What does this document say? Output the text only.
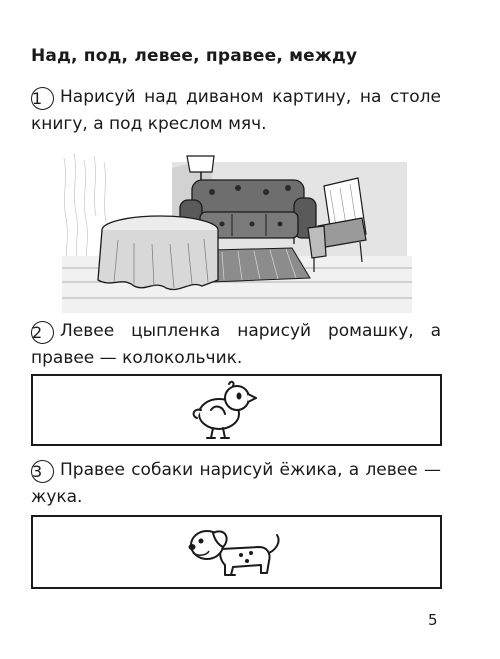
Над, под, левее, правее, между
1 Нарисуй над диваном картину, на столе
книгу, а под креслом мяч.
2 Левее цыпленка нарисуй ромашку, а
правее — колокольчик.
3 Правее собаки нарисуй ёжика, а левее —
жука.
5
